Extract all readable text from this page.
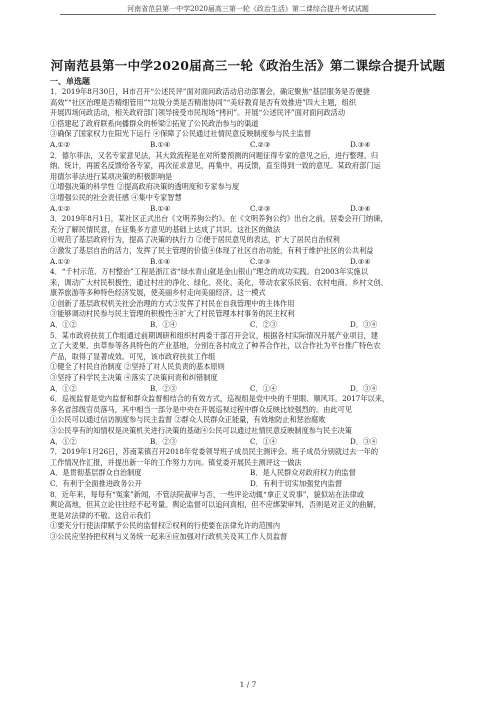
河南省范县第一中学2020届高三第一轮《政治生活》第二课综合提升考试试题
河南范县第一中学2020届高三一轮《政治生活》第二课综合提升试题
一、单选题
1．2019年8月30日，H市召开“公述民评”面对面问政活动启动部署会，确定聚焦“基层服务是否便捷
高效”“社区治理是否精细管用”“垃圾分类是否精准协同”“美好教育是否有效推进”四大主题，组织
开展四场问政活动，相关政府部门领导接受市民现场“拷问”。开展“公述民评”面对面问政活动
①搭建起了政府联系向播群众的桥梁②拓宽了公民政治参与的渠道
③确保了国家权力在阳光下运行 ④保障了公民通过社情民意反映制度参与民主监督
A.①②	B.①④	C.②③	D.③④
2．德尔菲法，又名专家意见法，其大致流程是在对所要预测的问题征得专家的意见之后，进行整理、归
纳、统计，再匿名反馈给各专家，再次征求意见，再集中，再反馈，直至得到一致的意见。某政府部门运
用德尔菲法进行某项决策的积极影响是
①增强决策的科学性 ②提高政府决策的透明度和专家参与度
③增强公民的社会责任感 ④集中专家智慧
A.①②	B.①④	C.②③	D.③④
3．2019年8月1日，某社区正式出台《文明养狗公约》。在《文明养狗公约》出台之前，居委会开门纳谏，
充分了解民情民意，在征集多方意见的基础上达成了共识。这社区的做法
①规范了基层政府行为，提高了决策的执行力 ②便于居民意见的表达，扩大了居民自治权利
③激发了基层自治的活力，发挥了民主管理的价值④体现了社区自治功能，有利于维护社区的公共利益
A.①②	B.①④	C.②③	D.③④
4．“千村示范、万村整治”工程是浙江省“绿水青山就是金山银山”理念的成功实践。自2003年实施以
来，调动广大村民积极性，通过村庄的净化、绿化、亮化、美化，带动农家乐民宿、农村电商、乡村文创、
康养旅游等多种特色经济发展，使美丽乡村走向美丽经济。这一模式
①创新了基层政权机关社会治理的方式②发挥了村民在自我管理中的主体作用
③能够调动村民参与民主管理的积极性④扩大了村民管理本村事务的民主权利
A．①②	B．①④	C．②③	D．③④
5．某市政府扶贫工作组通过前期调研和组织村两委干部召开会议，根据各村实际情况开展产业项目，建
立了大麦果、虫草参等各具特色的产业基地，分别在各村成立了种养合作社，以合作社为平台推广特色农
产品，取得了显著成效。可见，该市政府扶贫工作组
①健全了村民自治制度 ②坚持了对人民负责的基本原则
③坚持了科学民主决策 ④落实了决策问责和纠错制度
A．①②	B．②③	C．①④	D．③④
6．巡视监督是党内监督和群众监督相结合的有效方式，巡视组是党中央的千里眼、顺风耳。2017年以来，
多名省部级官员落马，其中相当一部分是中央在开展巡视过程中群众反映比较强烈的。由此可见
①公民可以通过信访制度参与民主监督 ②群众人民群众正能量，有效地防止和惩治腐败
③公民享有的知情权是决策机关进行决策的基础④公民可以通过社情民意反映制度参与民主决策
A．①②	B．②③	C．①④	D．③④
7．2019年1月26日，苏南某镇召开2018年党委领导班子成员民主测评会。班子成员分别就过去一年的
工作情况作汇报，并提出新一年的工作努力方向。镇党委开展民主测评这一做法
A．是贯彻基层群众自治制度	B．是人民群众对政府权力的监督
C．有利于全面推进政务公开	D．有利于切实加强党内监督
8．近年来，每每有“冤案”新闻，不管法院裁审与否，一些评论动辄“拿正义说事”，貌似站在法律或
舆论高地，但其立论往往经不起考量。舆论监督可以追问真相，但不应绑架审判，否则是对正义的曲解，
更是对法律的不敬。这启示我们
①要充分行使法律赋予公民的监督权②权利的行使要在法律允许的范围内
③公民应坚持把权利与义务统一起来④应加强对行政机关及其工作人员监督
1 / 7
